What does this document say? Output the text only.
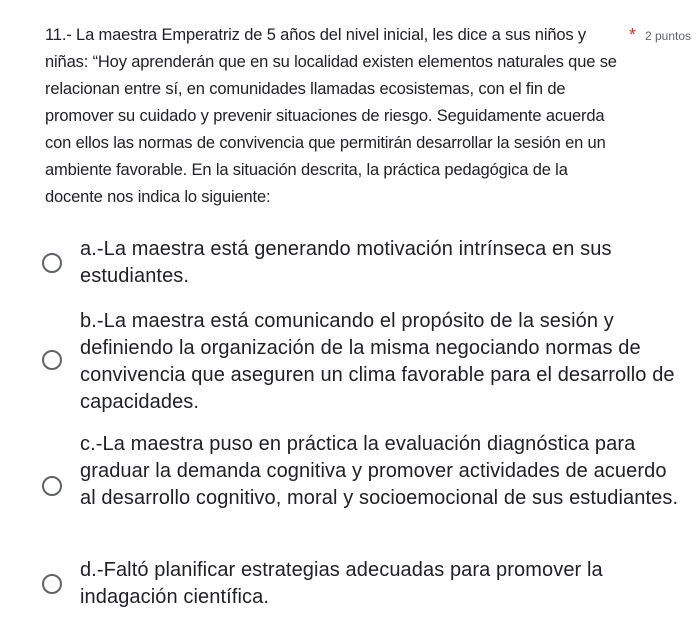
11.- La maestra Emperatriz de 5 años del nivel inicial, les dice a sus niños y niñas: “Hoy aprenderán que en su localidad existen elementos naturales que se relacionan entre sí, en comunidades llamadas ecosistemas, con el fin de promover su cuidado y prevenir situaciones de riesgo. Seguidamente acuerda con ellos las normas de convivencia que permitirán desarrollar la sesión en un ambiente favorable. En la situación descrita, la práctica pedagógica de la docente nos indica lo siguiente:

* 2 puntos
a.-La maestra está generando motivación intrínseca en sus estudiantes.
b.-La maestra está comunicando el propósito de la sesión y definiendo la organización de la misma negociando normas de convivencia que aseguren un clima favorable para el desarrollo de capacidades.
c.-La maestra puso en práctica la evaluación diagnóstica para graduar la demanda cognitiva y promover actividades de acuerdo al desarrollo cognitivo, moral y socioemocional de sus estudiantes.
d.-Faltó planificar estrategias adecuadas para promover la indagación científica.
